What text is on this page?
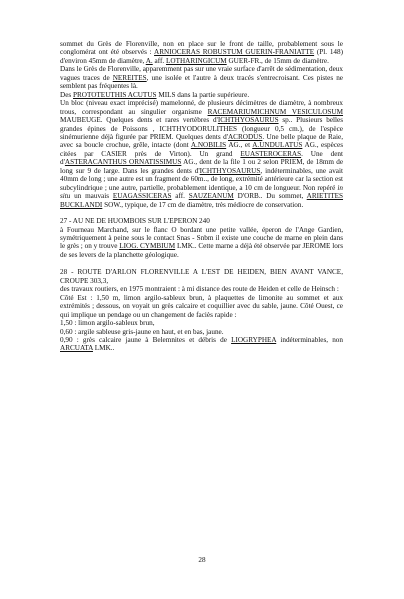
sommet du Grès de Florenville, non en place sur le front de taille, probablement sous le conglomérat ont été observés : ARNIOCERAS ROBUSTUM GUERIN-FRANIATTE (Pl. 148) d'environ 45mm de diamètre, A. aff. LOTHARINGICUM GUER-FR., de 15mm de diamètre.

Dans le Grès de Florenville, apparemment pas sur une vraie surface d'arrêt de sédimentation, deux vagues traces de NEREITES, une isolée et l'autre à deux tracés s'entrecroisant. Ces pistes ne semblent pas fréquentes là.

Des PROTOTEUTHIS ACUTUS MILS dans la partie supérieure.

Un bloc (niveau exact imprécisé) mamelonné, de plusieurs décimètres de diamètre, à nombreux trous, correspondant au singulier organisme RACEMARIUMICHNUM VESICULOSUM MAUBEUGE. Quelques dents et rares vertèbres d'ICHTHYOSAURUS sp.. Plusieurs belles grandes épines de Poissons , ICHTHYODORULITHES (longueur 0,5 cm.), de l'espèce sinémurienne déjà figurée par PRIEM. Quelques dents d'ACRODUS. Une belle plaque de Raie, avec sa boucle crochue, grêle, intacte (dont A.NOBILIS AG., et A.UNDULATUS AG., espèces citées par CASIER près de Virton). Un grand EUASTEROCERAS. Une dent d'ASTERACANTHUS ORNATISSIMUS AG., dent de la file 1 ou 2 selon PRIEM, de 18mm de long sur 9 de large. Dans les grandes dents d'ICHTHYOSAURUS, indéterminables, une avait 40mm de long ; une autre est un fragment de 60m.., de long, extrémité antérieure car la section est subcylindrique ; une autre, partielle, probablement identique, a 10 cm de longueur. Non repéré in situ un mauvais EUAGASSICERAS aff. SAUZEANUM D'ORB.. Du sommet, ARIETITES BUCKLANDI SOW., typique, de 17 cm de diamètre, très médiocre de conservation.

27 - AU NE DE HUOMBOIS SUR L'EPERON 240

à Fourneau Marchand, sur le flanc O bordant une petite vallée, éperon de l'Ange Gardien, symétriquement à peine sous le contact Snas - Snbm il existe une couche de marne en plein dans le grès ; on y trouve LIOG. CYMBIUM LMK.. Cette marne a déjà été observée par JEROME lors de ses levers de la planchette géologique.

28 - ROUTE D'ARLON FLORENVILLE A L'EST DE HEIDEN, BIEN AVANT VANCE, CROUPE 303,3,

des travaux routiers, en 1975 montraient : à mi distance des route de Heiden et celle de Heinsch :

Côté Est : 1,50 m, limon argilo-sableux brun, à plaquettes de limonite au sommet et aux extrémités ; dessous, on voyait un grès calcaire et coquillier avec du sable, jaune. Côté Ouest, ce qui implique un pendage ou un changement de faciès rapide :

1,50 : limon argilo-sableux brun,

0,60 : argile sableuse gris-jaune en haut, et en bas, jaune.

0,90 : grès calcaire jaune à Belemnites et débris de LIOGRYPHEA indéterminables, non ARCUATA LMK..

28
